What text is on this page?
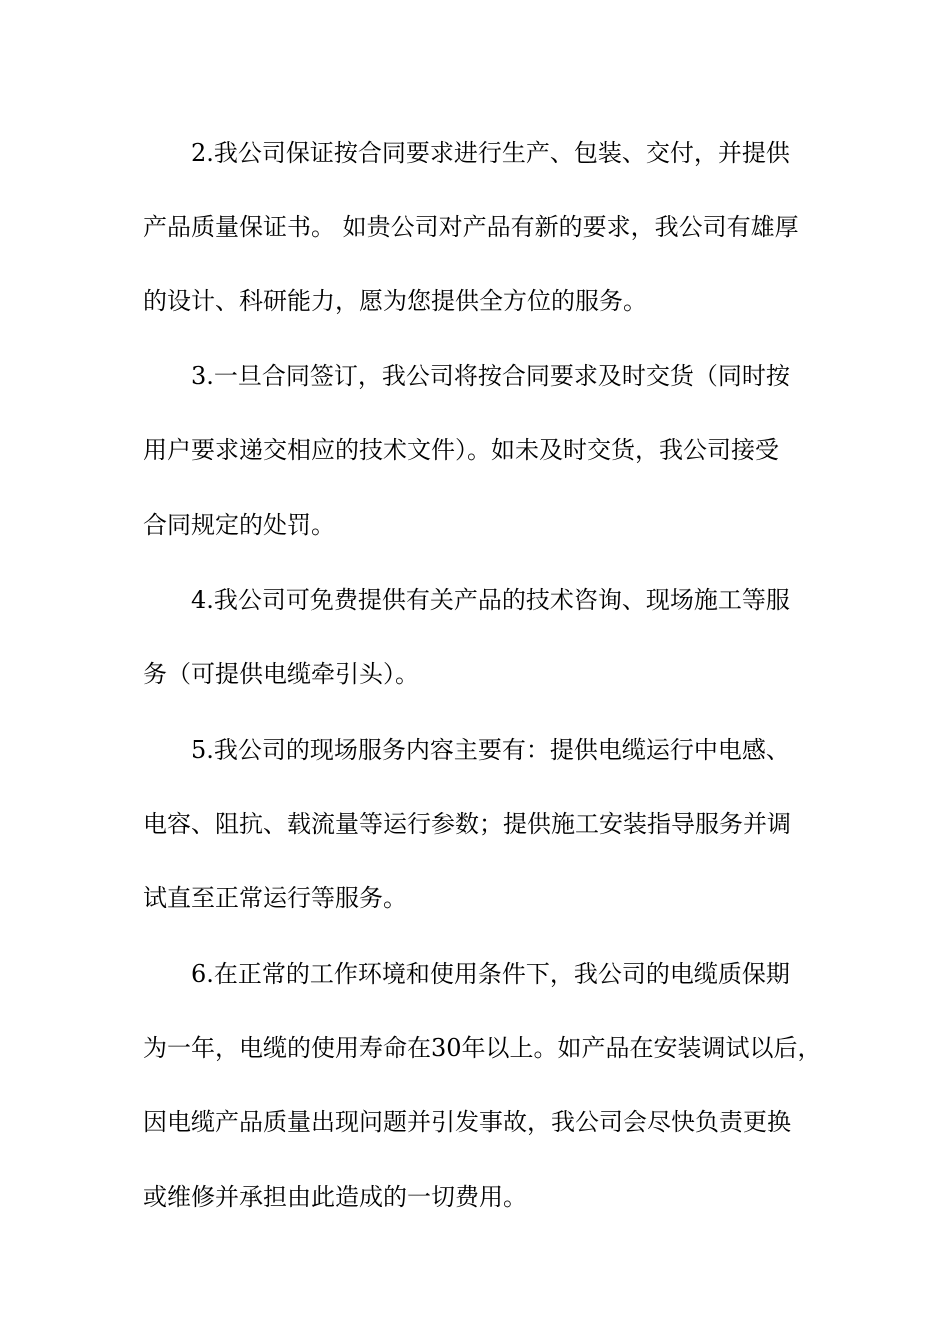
2.我公司保证按合同要求进行生产、包装、交付，并提供
产品质量保证书。 如贵公司对产品有新的要求，我公司有雄厚
的设计、科研能力，愿为您提供全方位的服务。
3.一旦合同签订，我公司将按合同要求及时交货（同时按
用户要求递交相应的技术文件）。如未及时交货，我公司接受
合同规定的处罚。
4.我公司可免费提供有关产品的技术咨询、现场施工等服
务（可提供电缆牵引头）。
5.我公司的现场服务内容主要有：提供电缆运行中电感、
电容、阻抗、载流量等运行参数；提供施工安装指导服务并调
试直至正常运行等服务。
6.在正常的工作环境和使用条件下，我公司的电缆质保期
为一年，电缆的使用寿命在30年以上。如产品在安装调试以后，
因电缆产品质量出现问题并引发事故，我公司会尽快负责更换
或维修并承担由此造成的一切费用。
